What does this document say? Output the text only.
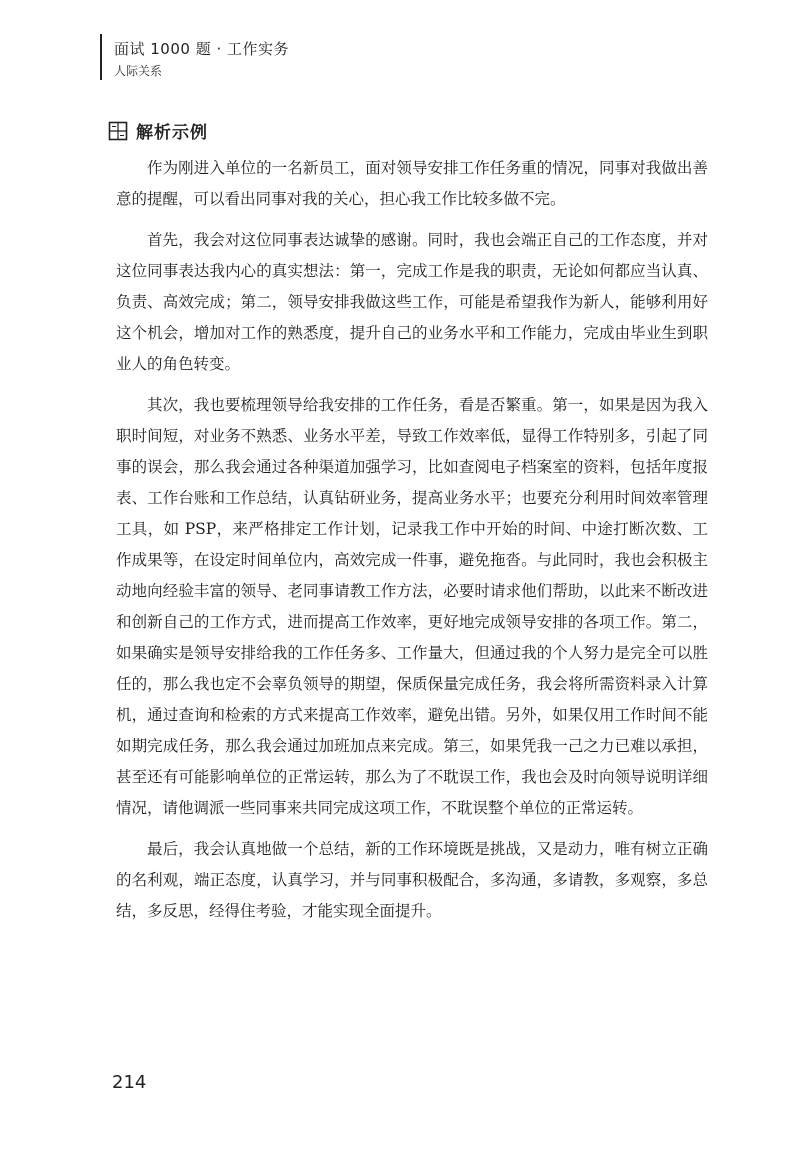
面试 1000 题 · 工作实务
人际关系
解析示例

作为刚进入单位的一名新员工，面对领导安排工作任务重的情况，同事对我做出善意的提醒，可以看出同事对我的关心，担心我工作比较多做不完。

首先，我会对这位同事表达诚挚的感谢。同时，我也会端正自己的工作态度，并对这位同事表达我内心的真实想法：第一，完成工作是我的职责，无论如何都应当认真、负责、高效完成；第二，领导安排我做这些工作，可能是希望我作为新人，能够利用好这个机会，增加对工作的熟悉度，提升自己的业务水平和工作能力，完成由毕业生到职业人的角色转变。

其次，我也要梳理领导给我安排的工作任务，看是否繁重。第一，如果是因为我入职时间短，对业务不熟悉、业务水平差，导致工作效率低，显得工作特别多，引起了同事的误会，那么我会通过各种渠道加强学习，比如查阅电子档案室的资料，包括年度报表、工作台账和工作总结，认真钻研业务，提高业务水平；也要充分利用时间效率管理工具，如 PSP，来严格排定工作计划，记录我工作中开始的时间、中途打断次数、工作成果等，在设定时间单位内，高效完成一件事，避免拖沓。与此同时，我也会积极主动地向经验丰富的领导、老同事请教工作方法，必要时请求他们帮助，以此来不断改进和创新自己的工作方式，进而提高工作效率，更好地完成领导安排的各项工作。第二，如果确实是领导安排给我的工作任务多、工作量大，但通过我的个人努力是完全可以胜任的，那么我也定不会辜负领导的期望，保质保量完成任务，我会将所需资料录入计算机，通过查询和检索的方式来提高工作效率，避免出错。另外，如果仅用工作时间不能如期完成任务，那么我会通过加班加点来完成。第三，如果凭我一己之力已难以承担，甚至还有可能影响单位的正常运转，那么为了不耽误工作，我也会及时向领导说明详细情况，请他调派一些同事来共同完成这项工作，不耽误整个单位的正常运转。

最后，我会认真地做一个总结，新的工作环境既是挑战，又是动力，唯有树立正确的名利观，端正态度，认真学习，并与同事积极配合，多沟通，多请教，多观察，多总结，多反思，经得住考验，才能实现全面提升。

214
